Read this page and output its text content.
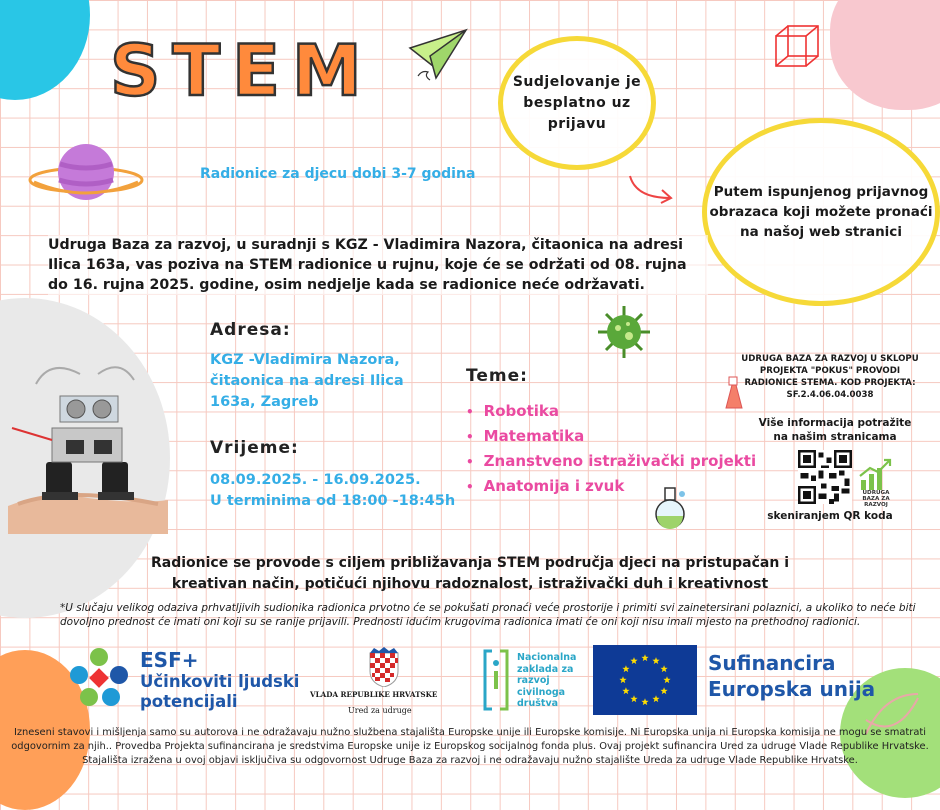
STEM	Sudjelovanje je besplatno uz prijavu
Putem ispunjenog prijavnog obrazaca koji možete pronaći na našoj web stranici
Radionice za djecu dobi 3-7 godina
Udruga Baza za razvoj, u suradnji s KGZ - Vladimira Nazora, čitaonica na adresi Ilica 163a, vas poziva na STEM radionice u rujnu, koje će se održati od 08. rujna do 16. rujna 2025. godine, osim nedjelje kada se radionice neće održavati.
Adresa:
KGZ -Vladimira Nazora,
čitaonica na adresi Ilica
163a, Zagreb
Vrijeme:
08.09.2025. - 16.09.2025.
U terminima od 18:00 -18:45h
Teme:
• Robotika
• Matematika
• Znanstveno istraživački projekti
• Anatomija i zvuk
UDRUGA BAZA ZA RAZVOJ U SKLOPU PROJEKTA "POKUS" PROVODI RADIONICE STEMA. KOD PROJEKTA: SF.2.4.06.04.0038
Više informacija potražite na našim stranicama
UDRUGA BAZA ZA RAZVOJ
skeniranjem QR koda
Radionice se provode s ciljem približavanja STEM područja djeci na pristupačan i kreativan način, potičući njihovu radoznalost, istraživački duh i kreativnost
*U slučaju velikog odaziva prhvatljivih sudionika radionica prvotno će se pokušati pronaći veće prostorije i primiti svi zainetersirani polaznici, a ukoliko to neće biti dovoljno prednost će imati oni koji su se ranije prijavili. Prednosti idućim krugovima radionica imati će oni koji nisu imali mjesto na prethodnoj radionici.
ESF+
Učinkoviti ljudski
potencijali	VLADA REPUBLIKE HRVATSKE
Ured za udruge
Nacionalna
zaklada za
razvoj
civilnoga
društva
Sufinancira
Europska unija
Izneseni stavovi i mišljenja samo su autorova i ne odražavaju nužno službena stajališta Europske unije ili Europske komisije. Ni Europska unija ni Europska komisija ne mogu se smatrati odgovornim za njih.. Provedba Projekta sufinancirana je sredstvima Europske unije iz Europskog socijalnog fonda plus. Ovaj projekt sufinancira Ured za udruge Vlade Republike Hrvatske. Stajališta izražena u ovoj objavi isključiva su odgovornost Udruge Baza za razvoj i ne odražavaju nužno stajalište Ureda za udruge Vlade Republike Hrvatske.
